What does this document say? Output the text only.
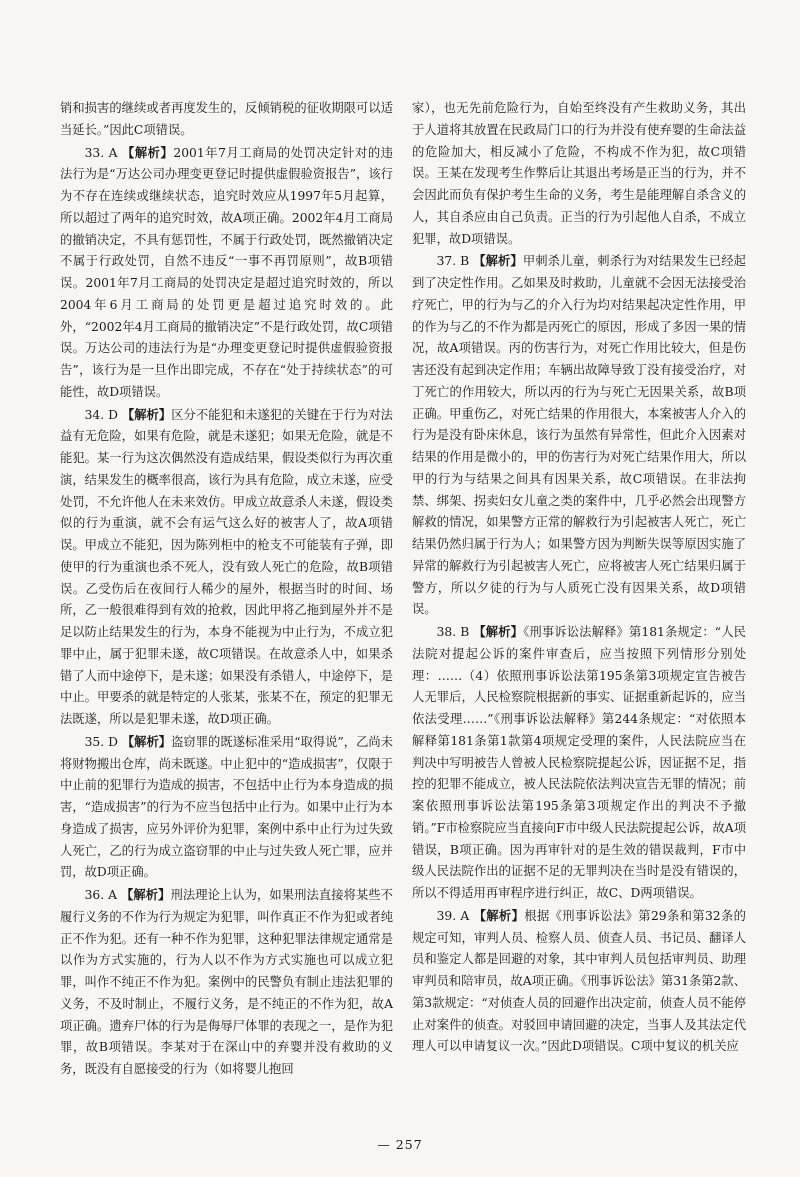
销和损害的继续或者再度发生的，反倾销税的征收期限可以适当延长。”因此C项错误。

33. A 【解析】2001年7月工商局的处罚决定针对的违法行为是“万达公司办理变更登记时提供虚假验资报告”，该行为不存在连续或继续状态，追究时效应从1997年5月起算，所以超过了两年的追究时效，故A项正确。2002年4月工商局的撤销决定，不具有惩罚性，不属于行政处罚，既然撤销决定不属于行政处罚，自然不违反“一事不再罚原则”，故B项错误。2001年7月工商局的处罚决定是超过追究时效的，所以2004年6月工商局的处罚更是超过追究时效的。此外，“2002年4月工商局的撤销决定”不是行政处罚，故C项错误。万达公司的违法行为是“办理变更登记时提供虚假验资报告”，该行为是一旦作出即完成，不存在“处于持续状态”的可能性，故D项错误。

34. D 【解析】区分不能犯和未遂犯的关键在于行为对法益有无危险，如果有危险，就是未遂犯；如果无危险，就是不能犯。某一行为这次偶然没有造成结果，假设类似行为再次重演，结果发生的概率很高，该行为具有危险，成立未遂，应受处罚，不允许他人在未来效仿。甲成立故意杀人未遂，假设类似的行为重演，就不会有运气这么好的被害人了，故A项错误。甲成立不能犯，因为陈列柜中的枪支不可能装有子弹，即使甲的行为重演也杀不死人，没有致人死亡的危险，故B项错误。乙受伤后在夜间行人稀少的屋外，根据当时的时间、场所，乙一般很难得到有效的抢救，因此甲将乙拖到屋外并不是足以防止结果发生的行为，本身不能视为中止行为，不成立犯罪中止，属于犯罪未遂，故C项错误。在故意杀人中，如果杀错了人而中途停下，是未遂；如果没有杀错人，中途停下，是中止。甲要杀的就是特定的人张某，张某不在，预定的犯罪无法既遂，所以是犯罪未遂，故D项正确。

35. D 【解析】盗窃罪的既遂标准采用“取得说”，乙尚未将财物搬出仓库，尚未既遂。中止犯中的“造成损害”，仅限于中止前的犯罪行为造成的损害，不包括中止行为本身造成的损害，“造成损害”的行为不应当包括中止行为。如果中止行为本身造成了损害，应另外评价为犯罪，案例中系中止行为过失致人死亡，乙的行为成立盗窃罪的中止与过失致人死亡罪，应并罚，故D项正确。

36. A 【解析】刑法理论上认为，如果刑法直接将某些不履行义务的不作为行为规定为犯罪，叫作真正不作为犯或者纯正不作为犯。还有一种不作为犯罪，这种犯罪法律规定通常是以作为方式实施的，行为人以不作为方式实施也可以成立犯罪，叫作不纯正不作为犯。案例中的民警负有制止违法犯罪的义务，不及时制止，不履行义务，是不纯正的不作为犯，故A项正确。遗弃尸体的行为是侮辱尸体罪的表现之一，是作为犯罪，故B项错误。李某对于在深山中的弃婴并没有救助的义务，既没有自愿接受的行为（如将婴儿抱回

家），也无先前危险行为，自始至终没有产生救助义务，其出于人道将其放置在民政局门口的行为并没有使弃婴的生命法益的危险加大，相反减小了危险，不构成不作为犯，故C项错误。王某在发现考生作弊后让其退出考场是正当的行为，并不会因此而负有保护考生生命的义务，考生是能理解自杀含义的人，其自杀应由自己负责。正当的行为引起他人自杀，不成立犯罪，故D项错误。

37. B 【解析】甲刺杀儿童，刺杀行为对结果发生已经起到了决定性作用。乙如果及时救助，儿童就不会因无法接受治疗死亡，甲的行为与乙的介入行为均对结果起决定性作用，甲的作为与乙的不作为都是丙死亡的原因，形成了多因一果的情况，故A项错误。丙的伤害行为，对死亡作用比较大，但是伤害还没有起到决定作用；车辆出故障导致丁没有接受治疗，对丁死亡的作用较大，所以丙的行为与死亡无因果关系，故B项正确。甲重伤乙，对死亡结果的作用很大，本案被害人介入的行为是没有卧床休息，该行为虽然有异常性，但此介入因素对结果的作用是微小的，甲的伤害行为对死亡结果作用大，所以甲的行为与结果之间具有因果关系，故C项错误。在非法拘禁、绑架、拐卖妇女儿童之类的案件中，几乎必然会出现警方解救的情况，如果警方正常的解救行为引起被害人死亡，死亡结果仍然归属于行为人；如果警方因为判断失误等原因实施了异常的解救行为引起被害人死亡，应将被害人死亡结果归属于警方，所以夕徒的行为与人质死亡没有因果关系，故D项错误。

38. B 【解析】《刑事诉讼法解释》第181条规定：“人民法院对提起公诉的案件审查后，应当按照下列情形分别处理：……（4）依照刑事诉讼法第195条第3项规定宣告被告人无罪后，人民检察院根据新的事实、证据重新起诉的，应当依法受理……”《刑事诉讼法解释》第244条规定：“对依照本解释第181条第1款第4项规定受理的案件，人民法院应当在判决中写明被告人曾被人民检察院提起公诉，因证据不足，指控的犯罪不能成立，被人民法院依法判决宣告无罪的情况；前案依照刑事诉讼法第195条第3项规定作出的判决不予撤销。”F市检察院应当直接向F市中级人民法院提起公诉，故A项错误，B项正确。因为再审针对的是生效的错误裁判，F市中级人民法院作出的证据不足的无罪判决在当时是没有错误的，所以不得适用再审程序进行纠正，故C、D两项错误。

39. A 【解析】根据《刑事诉讼法》第29条和第32条的规定可知，审判人员、检察人员、侦查人员、书记员、翻译人员和鉴定人都是回避的对象，其中审判人员包括审判员、助理审判员和陪审员，故A项正确。《刑事诉讼法》第31条第2款、第3款规定：“对侦查人员的回避作出决定前，侦查人员不能停止对案件的侦查。对驳回申请回避的决定，当事人及其法定代理人可以申请复议一次。”因此D项错误。C项中复议的机关应

— 257
